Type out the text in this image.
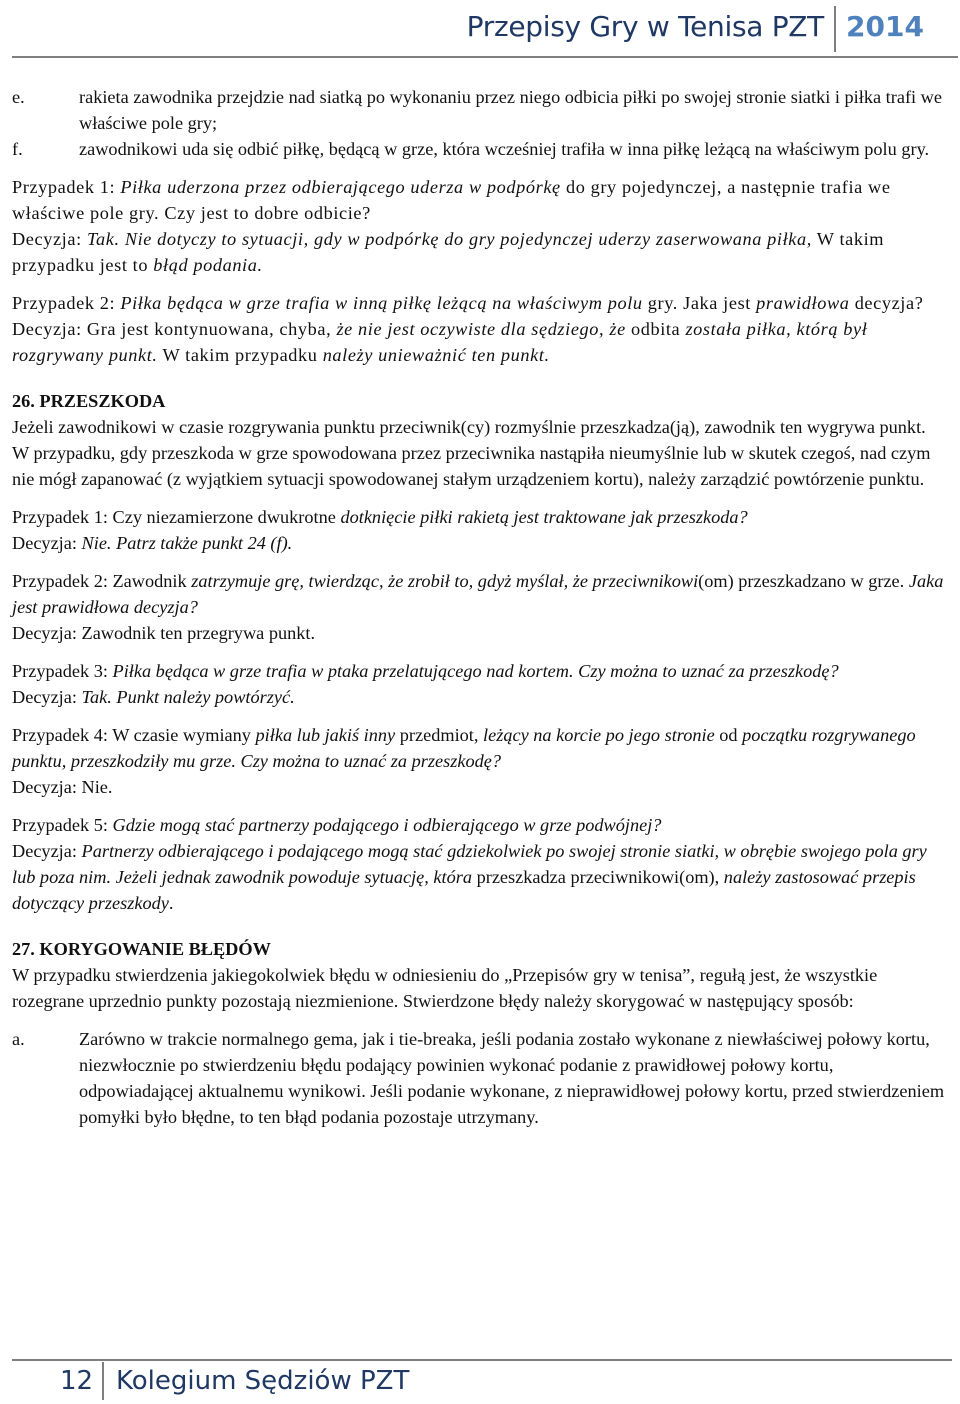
Przepisy Gry w Tenisa PZT 2014
e.	rakieta zawodnika przejdzie nad siatką po wykonaniu przez niego odbicia piłki po swojej stronie siatki i piłka trafi we właściwe pole gry;
f.	zawodnikowi uda się odbić piłkę, będącą w grze, która wcześniej trafiła w inna piłkę leżącą na właściwym polu gry.

Przypadek 1: Piłka uderzona przez odbierającego uderza w podpórkę do gry pojedynczej, a następnie trafia we właściwe pole gry. Czy jest to dobre odbicie?

Decyzja: Tak. Nie dotyczy to sytuacji, gdy w podpórkę do gry pojedynczej uderzy zaserwowana piłka, W takim przypadku jest to błąd podania.

Przypadek 2: Piłka będąca w grze trafia w inną piłkę leżącą na właściwym polu gry. Jaka jest prawidłowa decyzja?

Decyzja: Gra jest kontynuowana, chyba, że nie jest oczywiste dla sędziego, że odbita została piłka, którą był rozgrywany punkt. W takim przypadku należy unieważnić ten punkt.

26. PRZESZKODA

Jeżeli zawodnikowi w czasie rozgrywania punktu przeciwnik(cy) rozmyślnie przeszkadza(ją), zawodnik ten wygrywa punkt.

W przypadku, gdy przeszkoda w grze spowodowana przez przeciwnika nastąpiła nieumyślnie lub w skutek czegoś, nad czym nie mógł zapanować (z wyjątkiem sytuacji spowodowanej stałym urządzeniem kortu), należy zarządzić powtórzenie punktu.

Przypadek 1: Czy niezamierzone dwukrotne dotknięcie piłki rakietą jest traktowane jak przeszkoda?

Decyzja: Nie. Patrz także punkt 24 (f).

Przypadek 2: Zawodnik zatrzymuje grę, twierdząc, że zrobił to, gdyż myślał, że przeciwnikowi(om) przeszkadzano w grze. Jaka jest prawidłowa decyzja?

Decyzja: Zawodnik ten przegrywa punkt.

Przypadek 3: Piłka będąca w grze trafia w ptaka przelatującego nad kortem. Czy można to uznać za przeszkodę?

Decyzja: Tak. Punkt należy powtórzyć.

Przypadek 4: W czasie wymiany piłka lub jakiś inny przedmiot, leżący na korcie po jego stronie od początku rozgrywanego punktu, przeszkodziły mu grze. Czy można to uznać za przeszkodę?

Decyzja: Nie.

Przypadek 5: Gdzie mogą stać partnerzy podającego i odbierającego w grze podwójnej?

Decyzja: Partnerzy odbierającego i podającego mogą stać gdziekolwiek po swojej stronie siatki, w obrębie swojego pola gry lub poza nim. Jeżeli jednak zawodnik powoduje sytuację, która przeszkadza przeciwnikowi(om), należy zastosować przepis dotyczący przeszkody.

27. KORYGOWANIE BŁĘDÓW

W przypadku stwierdzenia jakiegokolwiek błędu w odniesieniu do „Przepisów gry w tenisa”, regułą jest, że wszystkie rozegrane uprzednio punkty pozostają niezmienione. Stwierdzone błędy należy skorygować w następujący sposób:

a.	Zarówno w trakcie normalnego gema, jak i tie-breaka, jeśli podania zostało wykonane z niewłaściwej połowy kortu, niezwłocznie po stwierdzeniu błędu podający powinien wykonać podanie z prawidłowej połowy kortu, odpowiadającej aktualnemu wynikowi. Jeśli podanie wykonane, z nieprawidłowej połowy kortu, przed stwierdzeniem pomyłki było błędne, to ten błąd podania pozostaje utrzymany.
12 Kolegium Sędziów PZT
